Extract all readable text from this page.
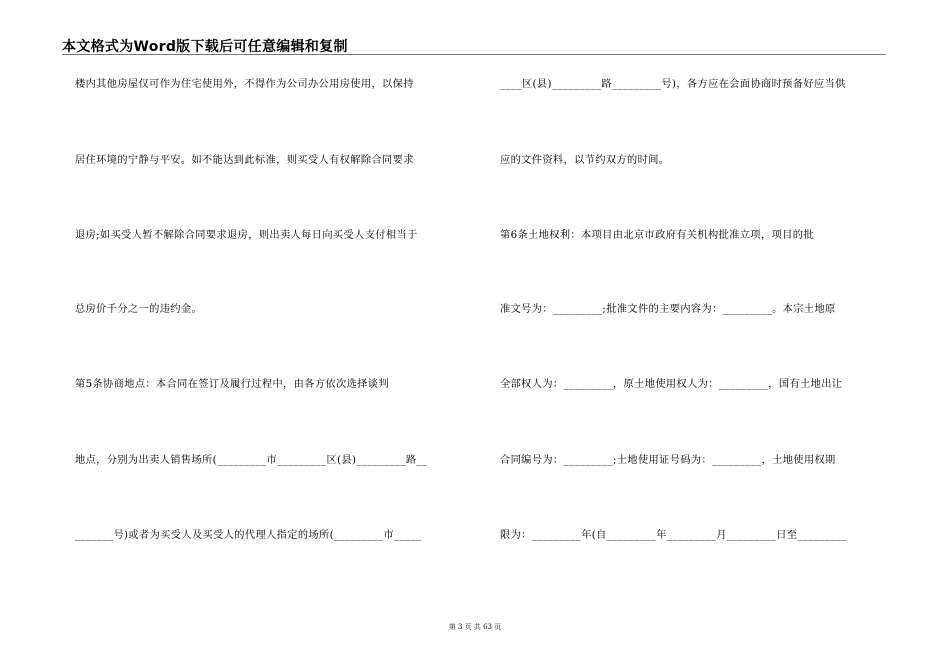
本文格式为Word版下载后可任意编辑和复制
楼内其他房屋仅可作为住宅使用外，不得作为公司办公用房使用，以保持
居住环境的宁静与平安。如不能达到此标准，则买受人有权解除合同要求
退房;如买受人暂不解除合同要求退房，则出卖人每日向买受人支付相当于
总房价千分之一的违约金。
第5条协商地点：本合同在签订及履行过程中，由各方依次选择谈判
地点，分别为出卖人销售场所(_________市_________区(县)_________路__
_______号)或者为买受人及买受人的代理人指定的场所(_________市_____
____区(县)_________路_________号)，各方应在会面协商时预备好应当供
应的文件资料，以节约双方的时间。
第6条土地权利：本项目由北京市政府有关机构批准立项，项目的批
准文号为：_________;批准文件的主要内容为：_________。本宗土地原
全部权人为：_________，原土地使用权人为：_________，国有土地出让
合同编号为：_________;土地使用证号码为：_________，土地使用权期
限为：_________年(自_________年_________月_________日至_________
第 3 页 共 63 页
